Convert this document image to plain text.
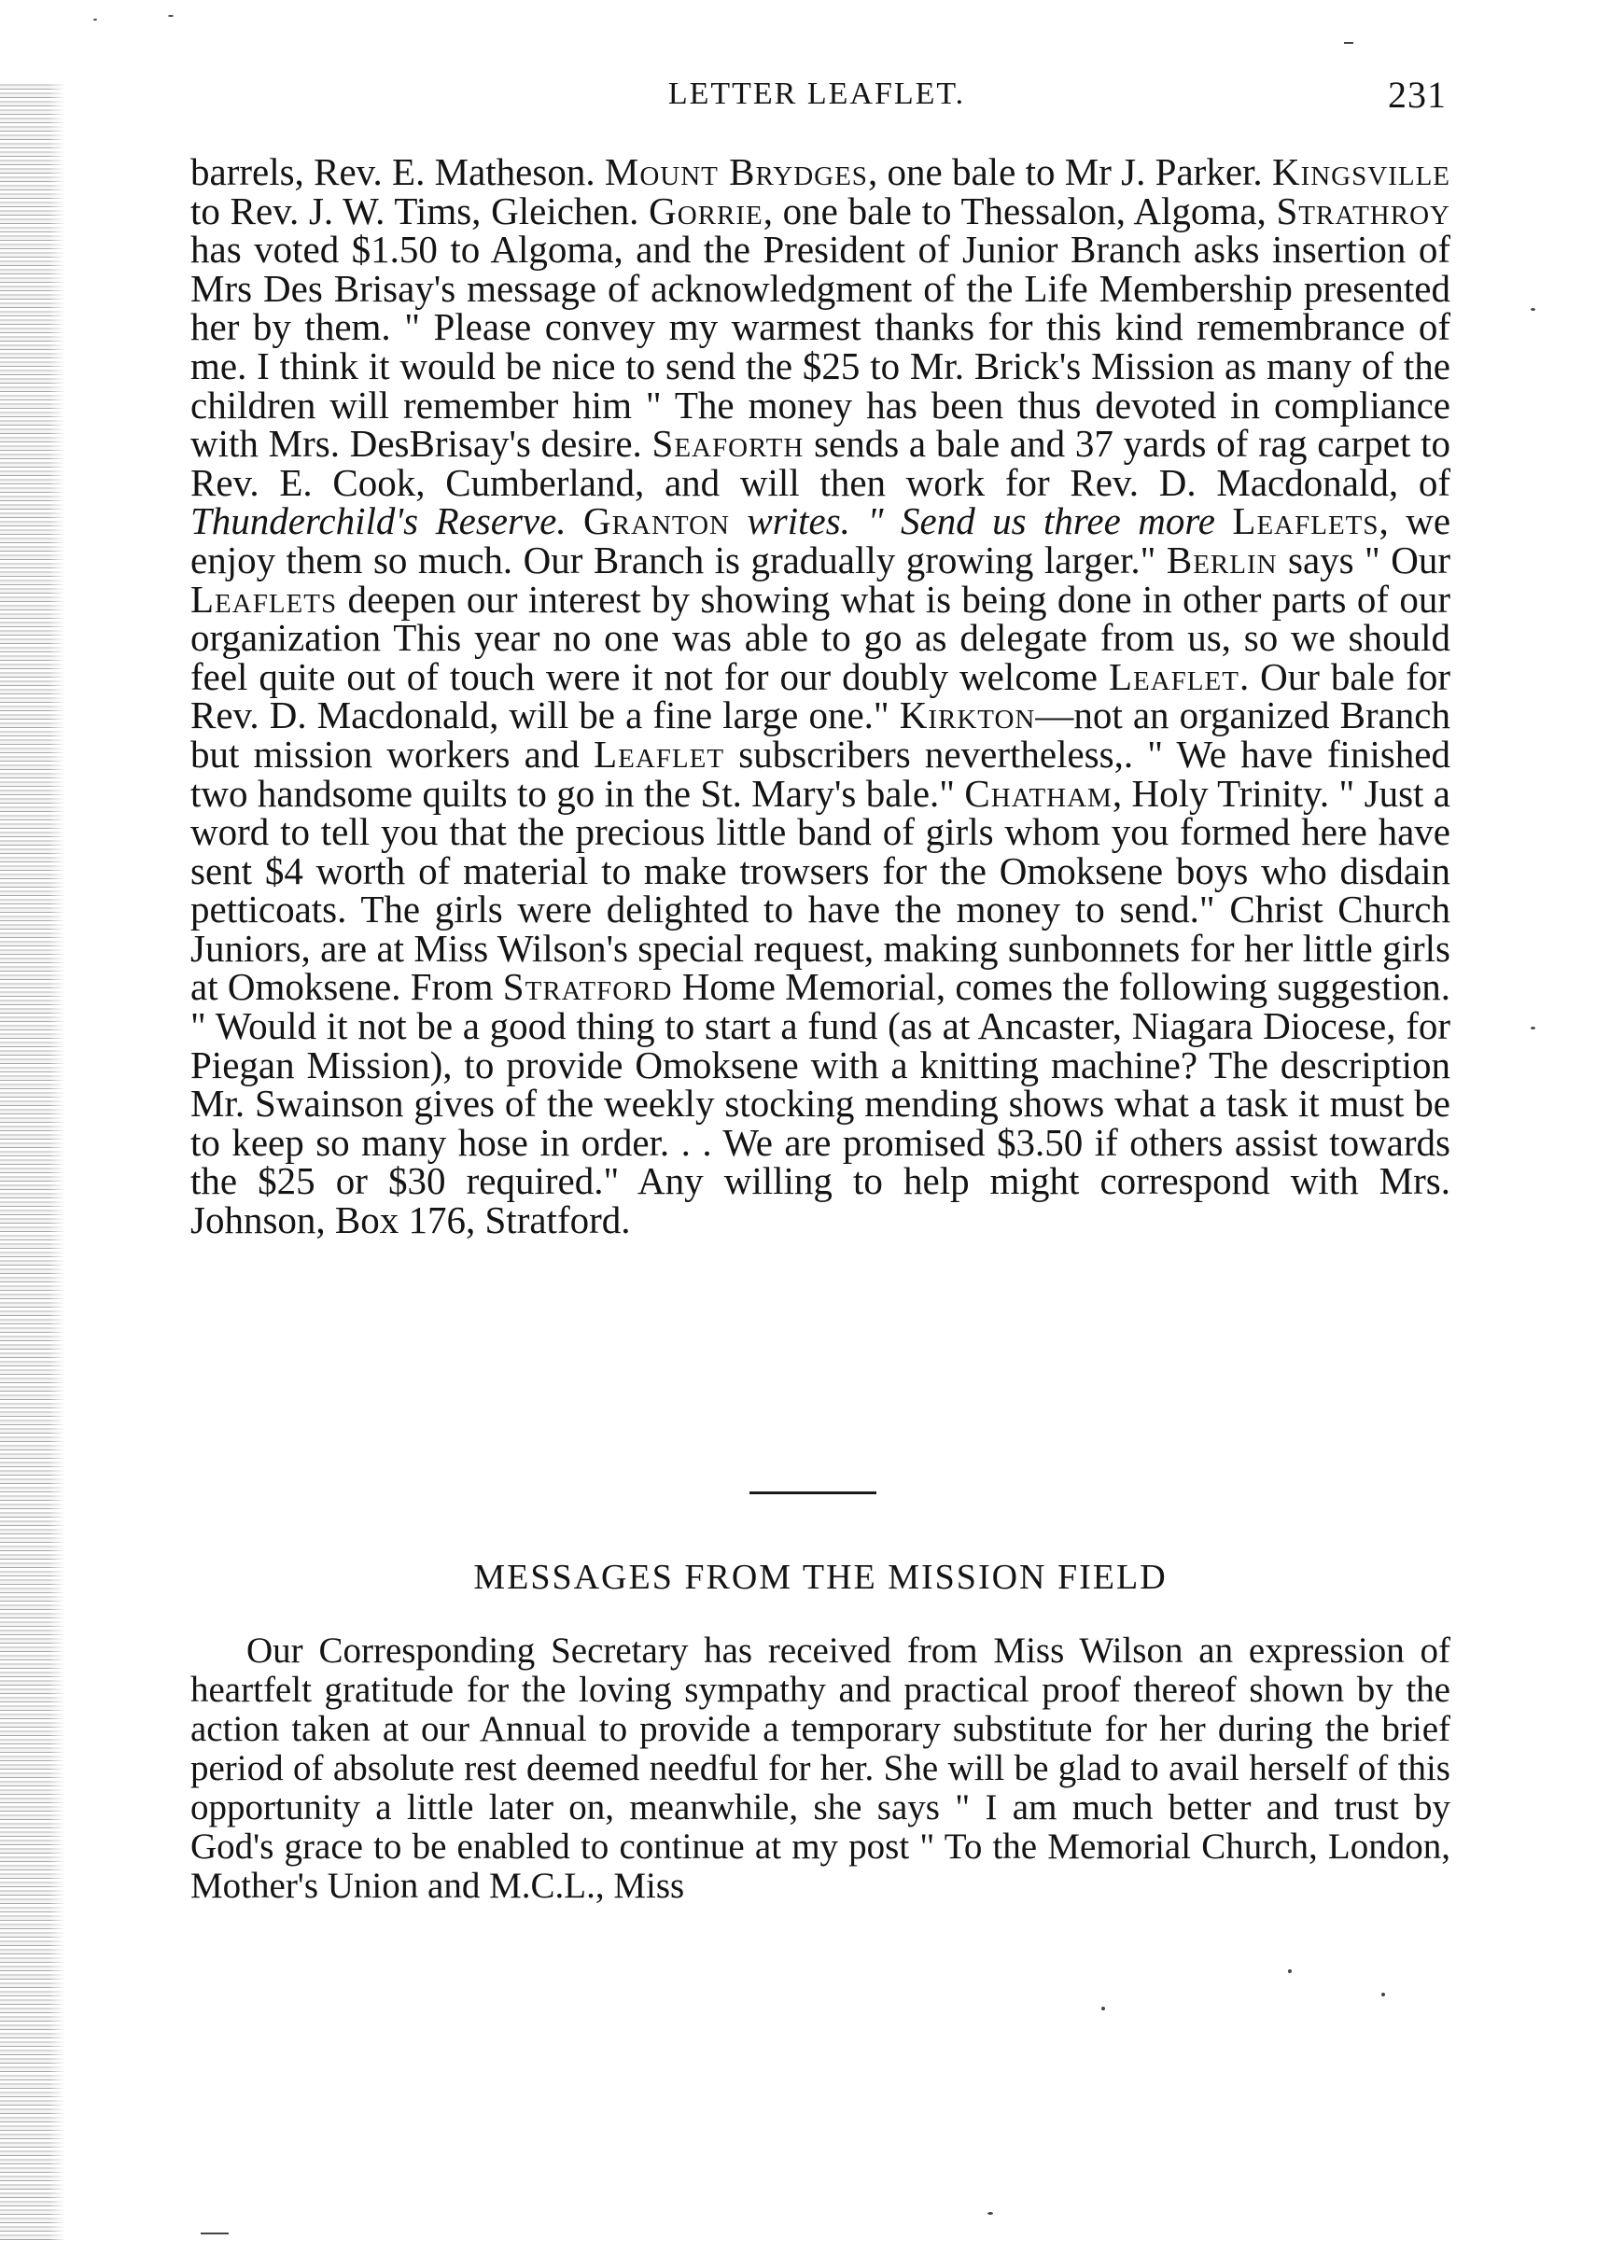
LETTER LEAFLET.	231

barrels, Rev. E. Matheson. Mount Brydges, one bale to Mr J. Parker. Kingsville to Rev. J. W. Tims, Gleichen. Gorrie, one bale to Thessalon, Algoma, Strathroy has voted $1.50 to Algoma, and the President of Junior Branch asks insertion of Mrs Des Brisay's message of acknowledgment of the Life Membership presented her by them. " Please convey my warmest thanks for this kind remembrance of me. I think it would be nice to send the $25 to Mr. Brick's Mission as many of the children will remember him " The money has been thus devoted in compliance with Mrs. DesBrisay's desire. Seaforth sends a bale and 37 yards of rag carpet to Rev. E. Cook, Cumberland, and will then work for Rev. D. Macdonald, of Thunderchild's Reserve. Granton writes. " Send us three more Leaflets, we enjoy them so much. Our Branch is gradually growing larger." Berlin says " Our Leaflets deepen our interest by showing what is being done in other parts of our organization This year no one was able to go as delegate from us, so we should feel quite out of touch were it not for our doubly welcome Leaflet. Our bale for Rev. D. Macdonald, will be a fine large one." Kirkton—not an organized Branch but mission workers and Leaflet subscribers nevertheless,. " We have finished two handsome quilts to go in the St. Mary's bale." Chatham, Holy Trinity. " Just a word to tell you that the precious little band of girls whom you formed here have sent $4 worth of material to make trowsers for the Omoksene boys who disdain petticoats. The girls were delighted to have the money to send." Christ Church Juniors, are at Miss Wilson's special request, making sunbonnets for her little girls at Omoksene. From Stratford Home Memorial, comes the following suggestion. " Would it not be a good thing to start a fund (as at Ancaster, Niagara Diocese, for Piegan Mission), to provide Omoksene with a knitting machine? The description Mr. Swainson gives of the weekly stocking mending shows what a task it must be to keep so many hose in order. . . We are promised $3.50 if others assist towards the $25 or $30 required." Any willing to help might correspond with Mrs. Johnson, Box 176, Stratford.

MESSAGES FROM THE MISSION FIELD

Our Corresponding Secretary has received from Miss Wilson an expression of heartfelt gratitude for the loving sympathy and practical proof thereof shown by the action taken at our Annual to provide a temporary substitute for her during the brief period of absolute rest deemed needful for her. She will be glad to avail herself of this opportunity a little later on, meanwhile, she says " I am much better and trust by God's grace to be enabled to continue at my post " To the Memorial Church, London, Mother's Union and M.C.L., Miss
